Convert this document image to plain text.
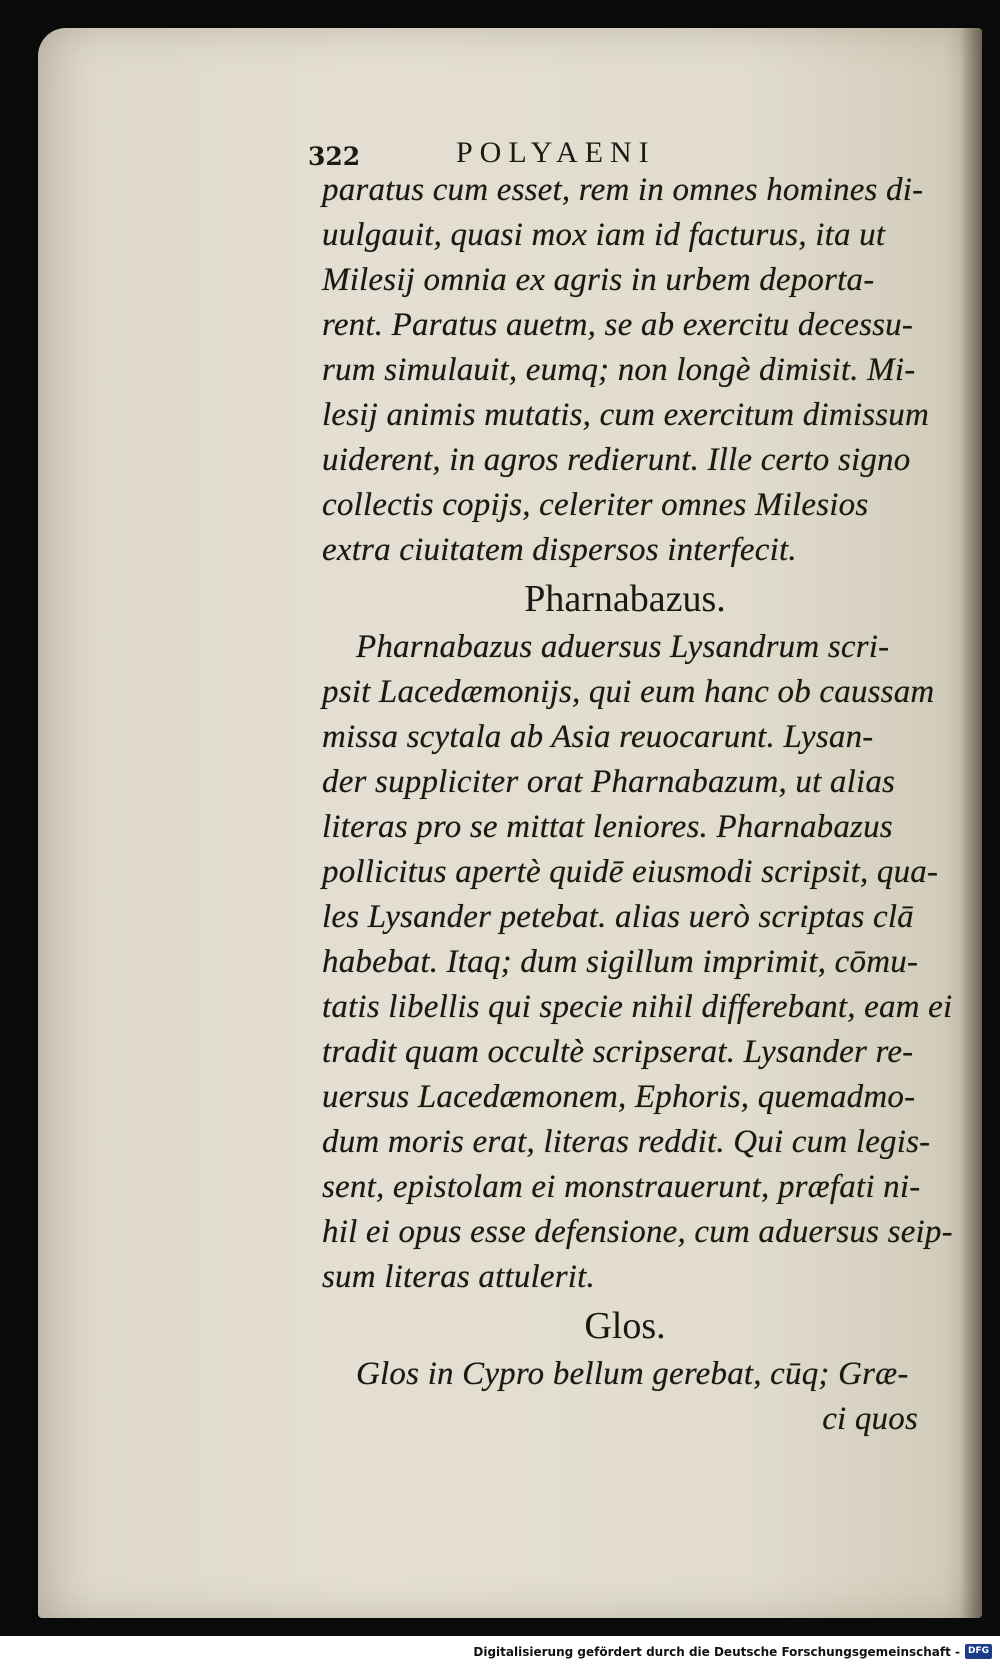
322	POLYAENI
paratus cum esset, rem in omnes homines di-
uulgauit, quasi mox iam id facturus, ita ut
Milesij omnia ex agris in urbem deporta-
rent. Paratus auetm, se ab exercitu decessu-
rum simulauit, eumq; non longè dimisit. Mi-
lesij animis mutatis, cum exercitum dimissum
uiderent, in agros redierunt. Ille certo signo
collectis copijs, celeriter omnes Milesios
extra ciuitatem dispersos interfecit.
Pharnabazus.
Pharnabazus aduersus Lysandrum scri-
psit Lacedæmonijs, qui eum hanc ob caussam
missa scytala ab Asia reuocarunt. Lysan-
der suppliciter orat Pharnabazum, ut alias
literas pro se mittat leniores. Pharnabazus
pollicitus apertè quidē eiusmodi scripsit, qua-
les Lysander petebat. alias uerò scriptas clā
habebat. Itaq; dum sigillum imprimit, cōmu-
tatis libellis qui specie nihil differebant, eam ei
tradit quam occultè scripserat. Lysander re-
uersus Lacedæmonem, Ephoris, quemadmo-
dum moris erat, literas reddit. Qui cum legis-
sent, epistolam ei monstrauerunt, præfati ni-
hil ei opus esse defensione, cum aduersus seip-
sum literas attulerit.
Glos.
Glos in Cypro bellum gerebat, cūq; Græ-
ci quos
Digitalisierung gefördert durch die Deutsche Forschungsgemeinschaft - DFG
